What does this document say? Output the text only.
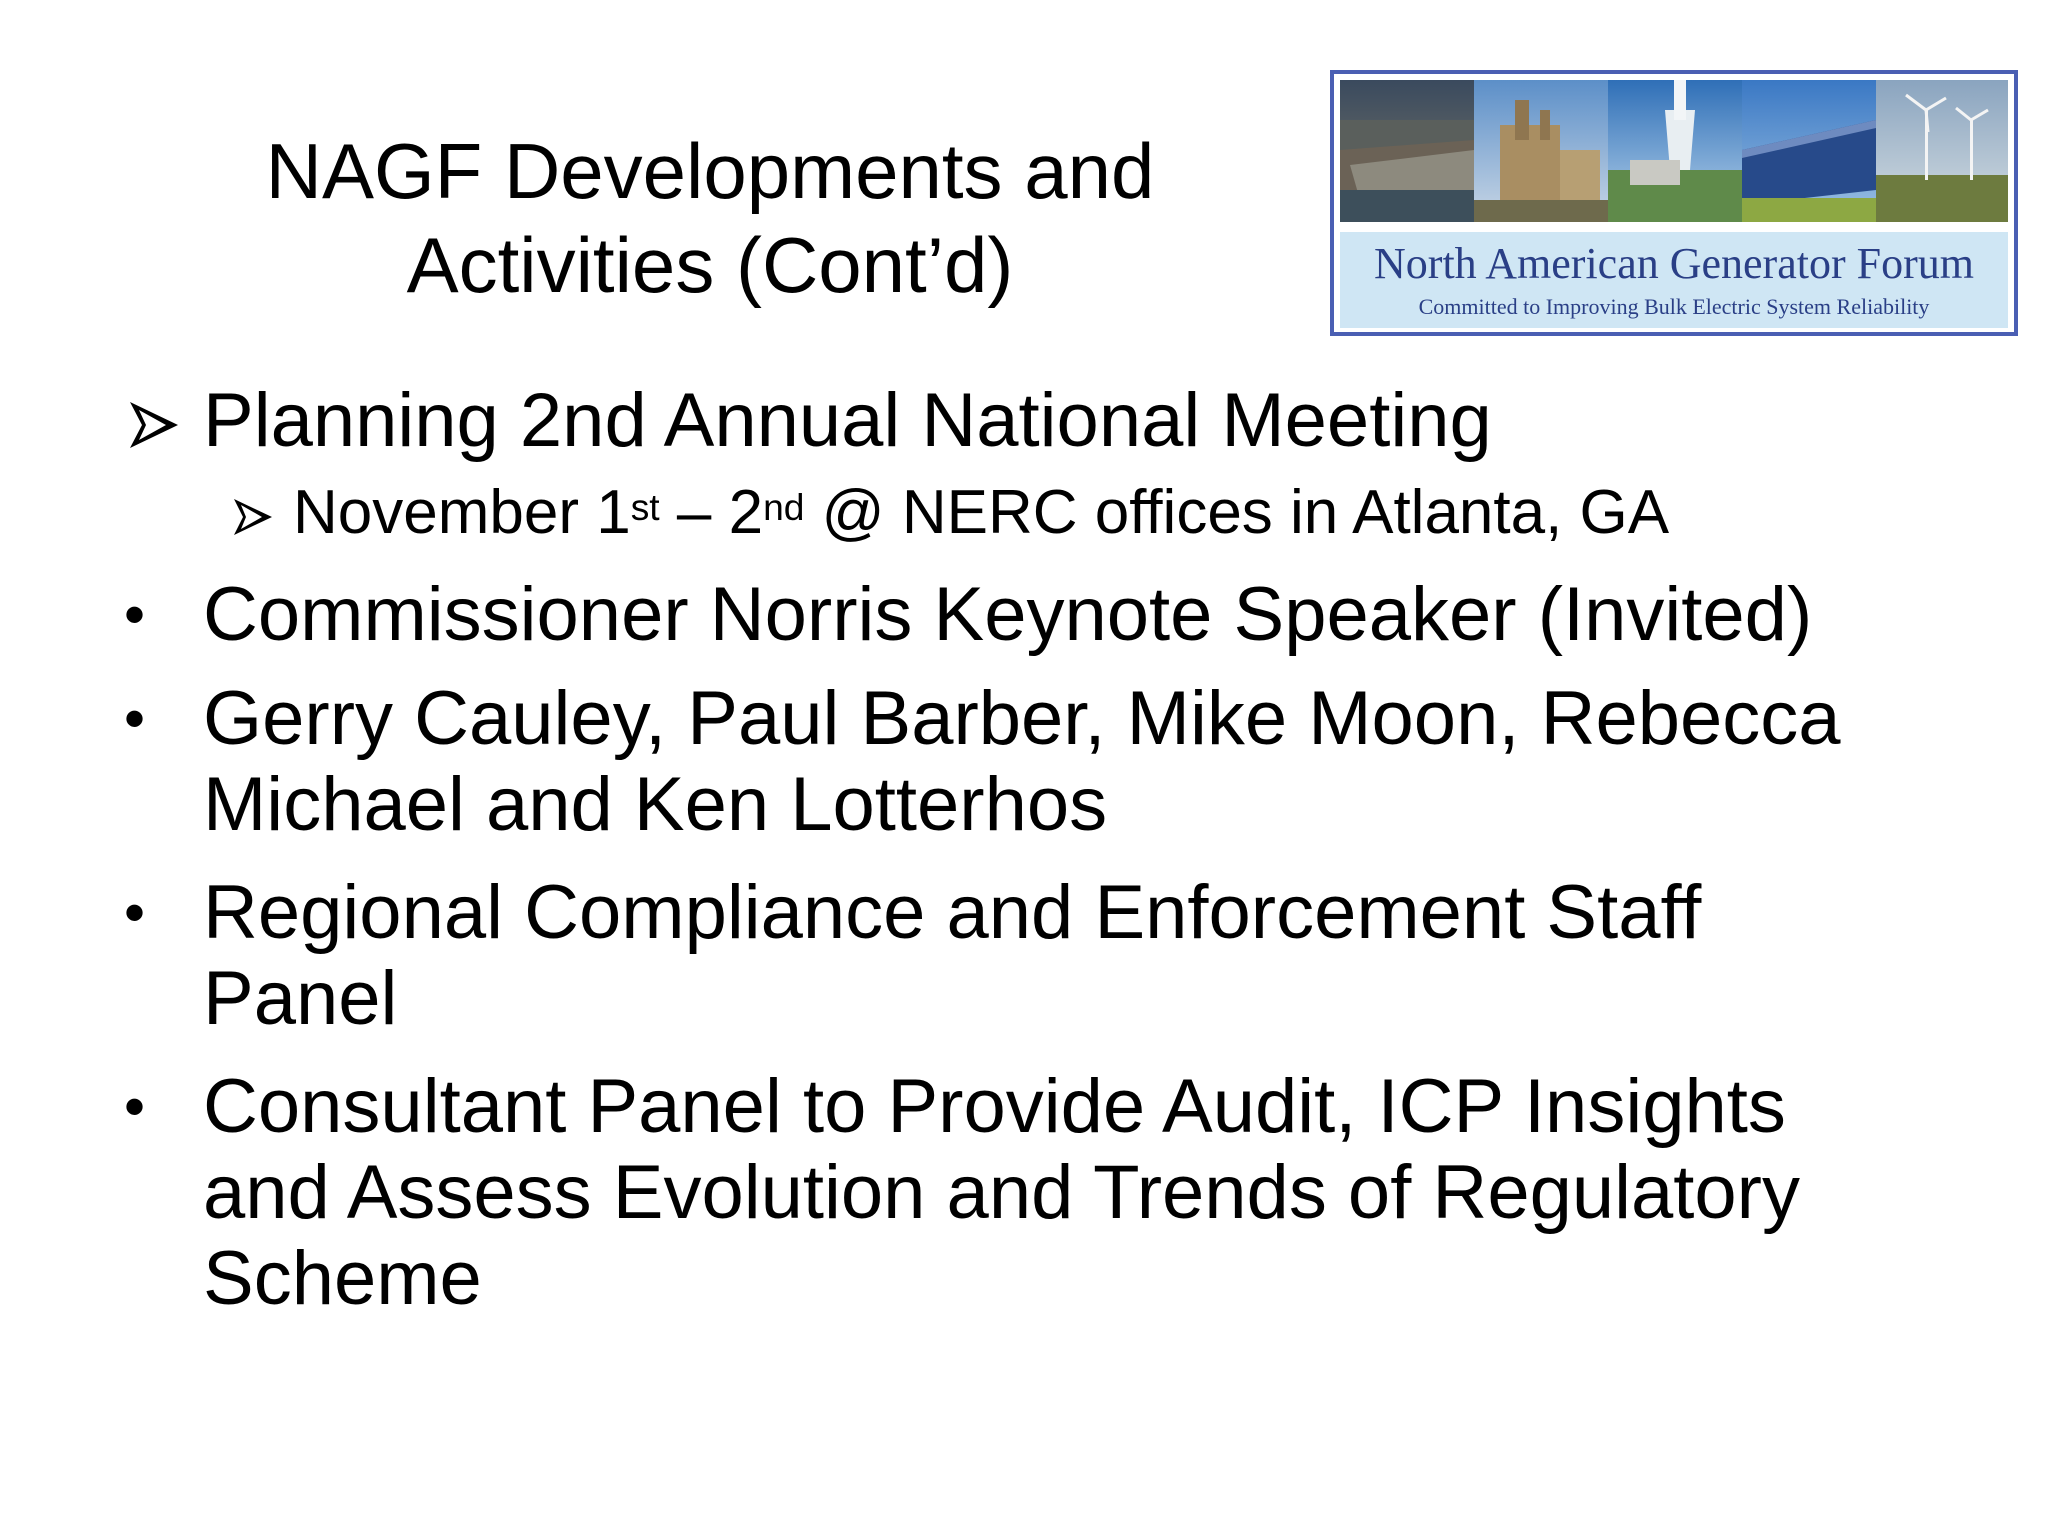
NAGF Developments and
Activities (Cont’d)	North American Generator Forum
Committed to Improving Bulk Electric System Reliability
Planning 2nd Annual National Meeting
November 1st – 2nd @ NERC offices in Atlanta, GA
• Commissioner Norris Keynote Speaker (Invited)
• Gerry Cauley, Paul Barber, Mike Moon, Rebecca
Michael and Ken Lotterhos
• Regional Compliance and Enforcement Staff
Panel
• Consultant Panel to Provide Audit, ICP Insights
and Assess Evolution and Trends of Regulatory
Scheme
